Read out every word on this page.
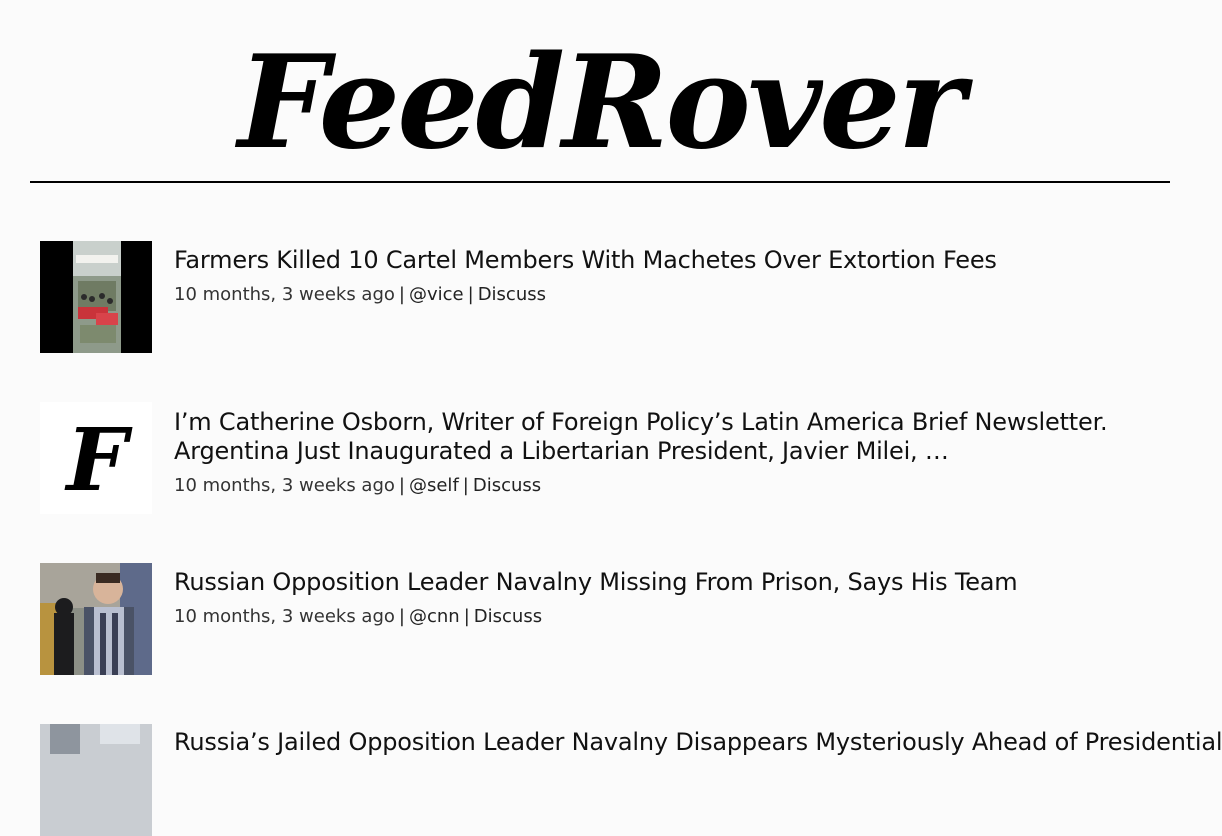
FeedRover
Farmers Killed 10 Cartel Members With Machetes Over Extortion Fees
10 months, 3 weeks ago | @vice | Discuss
F I’m Catherine Osborn, Writer of Foreign Policy’s Latin America Brief Newsletter. Argentina Just Inaugurated a Libertarian President, Javier Milei, …
10 months, 3 weeks ago | @self | Discuss
Russian Opposition Leader Navalny Missing From Prison, Says His Team
10 months, 3 weeks ago | @cnn | Discuss
Russia’s Jailed Opposition Leader Navalny Disappears Mysteriously Ahead of Presidential
